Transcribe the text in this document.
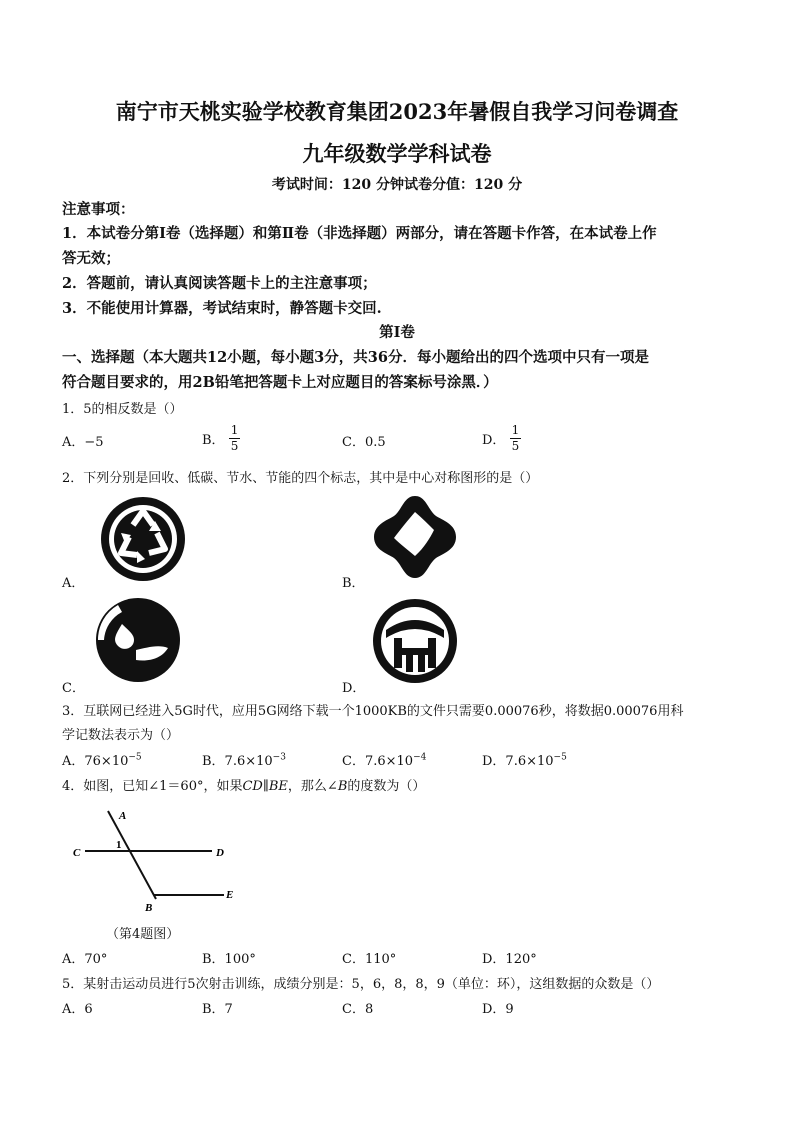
南宁市天桃实验学校教育集团2023年暑假自我学习问卷调查
九年级数学学科试卷
考试时间：120 分钟试卷分值：120 分
注意事项：
1．本试卷分第Ⅰ卷（选择题）和第Ⅱ卷（非选择题）两部分，请在答题卡作答，在本试卷上作
答无效；
2．答题前，请认真阅读答题卡上的主注意事项；
3．不能使用计算器，考试结束时，静答题卡交回.
第Ⅰ卷
一、选择题（本大题共12小题，每小题3分，共36分．每小题给出的四个选项中只有一项是
符合题目要求的，用2B铅笔把答题卡上对应题目的答案标号涂黑．）
1．5的相反数是（）
A．−5	B． $\frac{1}{5}$	C．0.5	D． $\frac{1}{5}$
2．下列分别是回收、低碳、节水、节能的四个标志，其中是中心对称图形的是（）
A．	B．
C．	D．
3．互联网已经进入5G时代，应用5G网络下载一个1000KB的文件只需要0.00076秒，将数据0.00076用科
学记数法表示为（）
A．$76\times 10^{-5}$	B．$7.6\times 10^{-3}$	C．$7.6\times 10^{-4}$	D．$7.6\times 10^{-5}$
4．如图，已知∠1＝60°，如果CD∥BE，那么∠B的度数为（）
A
C	D
1
B
E
（第4题图）
A．70°	B．100°	C．110°	D．120°
5．某射击运动员进行5次射击训练，成绩分别是：5，6，8，8，9（单位：环），这组数据的众数是（）
A．6	B．7	C．8	D．9
